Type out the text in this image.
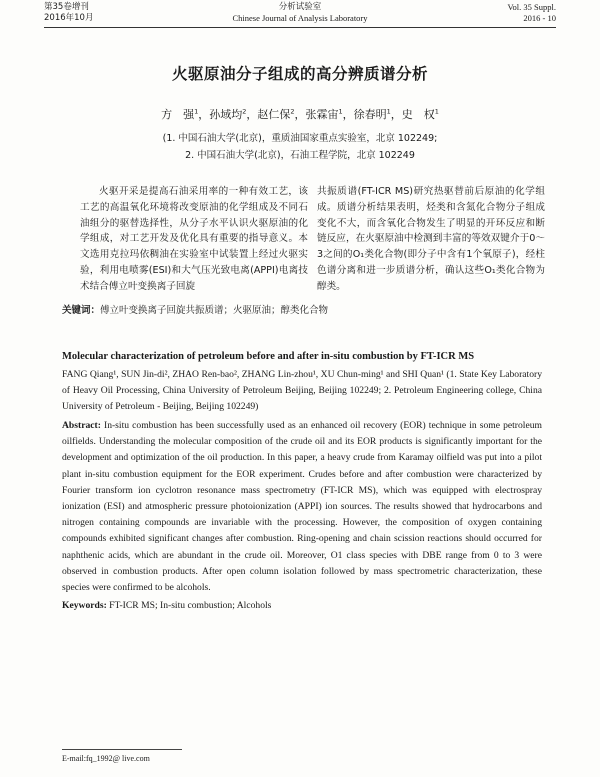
第35卷增刊
2016年10月
分析试验室
Chinese Journal of Analysis Laboratory
Vol. 35 Suppl.
2016 - 10
火驱原油分子组成的高分辨质谱分析
方　强$^1$，孙域均$^2$，赵仁保$^2$，张霖宙$^1$，徐春明$^1$，史　权$^1$
(1. 中国石油大学(北京)，重质油国家重点实验室，北京 102249;
2. 中国石油大学(北京)，石油工程学院，北京 102249
火驱开采是提高石油采用率的一种有效工艺，该工艺的高温氧化环境将改变原油的化学组成及不同石油组分的驱替选择性，从分子水平认识火驱原油的化学组成，对工艺开发及优化具有重要的指导意义。本文选用克拉玛依稠油在实验室中试装置上经过火驱实验，利用电喷雾(ESI)和大气压光致电离(APPI)电离技术结合傅立叶变换离子回旋
共振质谱(FT-ICR MS)研究热驱替前后原油的化学组成。质谱分析结果表明，烃类和含氮化合物分子组成变化不大，而含氧化合物发生了明显的开环反应和断链反应，在火驱原油中检测到丰富的等效双键介于0～3之间的O₁类化合物(即分子中含有1个氧原子)，经柱色谱分离和进一步质谱分析，确认这些O₁类化合物为醇类。
关键词：傅立叶变换离子回旋共振质谱；火驱原油；醇类化合物
Molecular characterization of petroleum before and after in-situ combustion by FT-ICR MS
FANG Qiang¹, SUN Jin-di², ZHAO Ren-bao², ZHANG Lin-zhou¹, XU Chun-ming¹ and SHI Quan¹ (1. State Key Laboratory of Heavy Oil Processing, China University of Petroleum Beijing, Beijing 102249; 2. Petroleum Engineering college, China University of Petroleum - Beijing, Beijing 102249)
Abstract: In-situ combustion has been successfully used as an enhanced oil recovery (EOR) technique in some petroleum oilfields. Understanding the molecular composition of the crude oil and its EOR products is significantly important for the development and optimization of the oil production. In this paper, a heavy crude from Karamay oilfield was put into a pilot plant in-situ combustion equipment for the EOR experiment. Crudes before and after combustion were characterized by Fourier transform ion cyclotron resonance mass spectrometry (FT-ICR MS), which was equipped with electrospray ionization (ESI) and atmospheric pressure photoionization (APPI) ion sources. The results showed that hydrocarbons and nitrogen containing compounds are invariable with the processing. However, the composition of oxygen containing compounds exhibited significant changes after combustion. Ring-opening and chain scission reactions should occurred for naphthenic acids, which are abundant in the crude oil. Moreover, O1 class species with DBE range from 0 to 3 were observed in combustion products. After open column isolation followed by mass spectrometric characterization, these species were confirmed to be alcohols.
Keywords: FT-ICR MS; In-situ combustion; Alcohols
E-mail:fq_1992@ live.com
